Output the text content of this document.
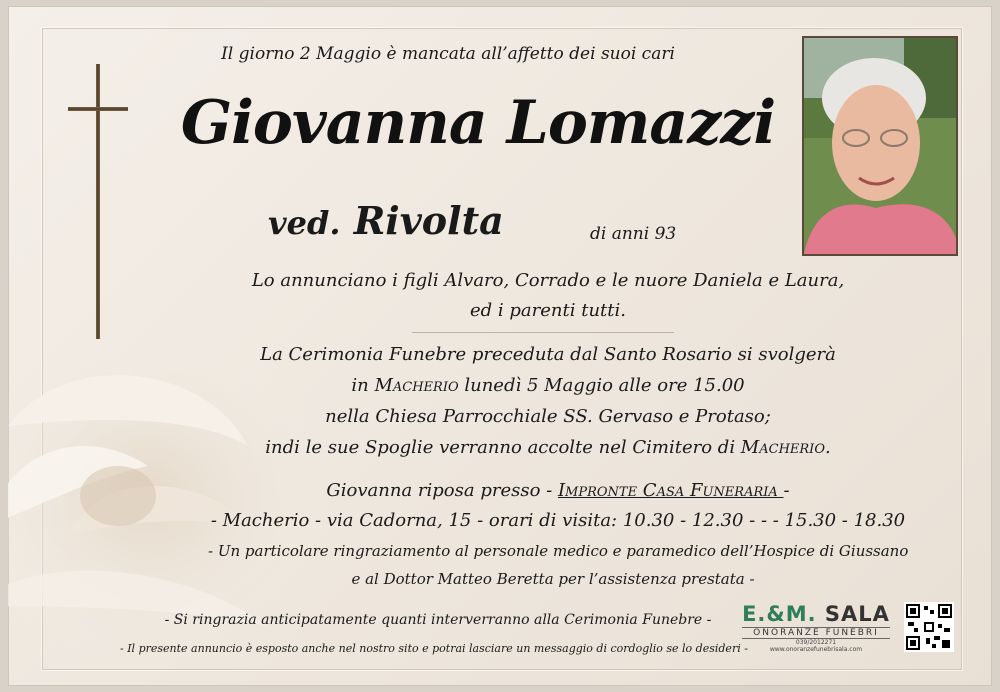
Il giorno 2 Maggio è mancata all’affetto dei suoi cari
Giovanna Lomazzi
ved. Rivolta	di anni 93
Lo annunciano i figli Alvaro, Corrado e le nuore Daniela e Laura,
ed i parenti tutti.
La Cerimonia Funebre preceduta dal Santo Rosario si svolgerà
in Macherio lunedì 5 Maggio alle ore 15.00
nella Chiesa Parrocchiale SS. Gervaso e Protaso;
indi le sue Spoglie verranno accolte nel Cimitero di Macherio.
Giovanna riposa presso - Impronte Casa Funeraria -
- Macherio - via Cadorna, 15 - orari di visita: 10.30 - 12.30 - - - 15.30 - 18.30
- Un particolare ringraziamento al personale medico e paramedico dell’Hospice di Giussano
e al Dottor Matteo Beretta per l’assistenza prestata -
- Si ringrazia anticipatamente quanti interverranno alla Cerimonia Funebre -
- Il presente annuncio è esposto anche nel nostro sito e potrai lasciare un messaggio di cordoglio se lo desideri -
E.&M. SALA
ONORANZE FUNEBRI
039/2012271
www.onoranzefunebrisala.com
